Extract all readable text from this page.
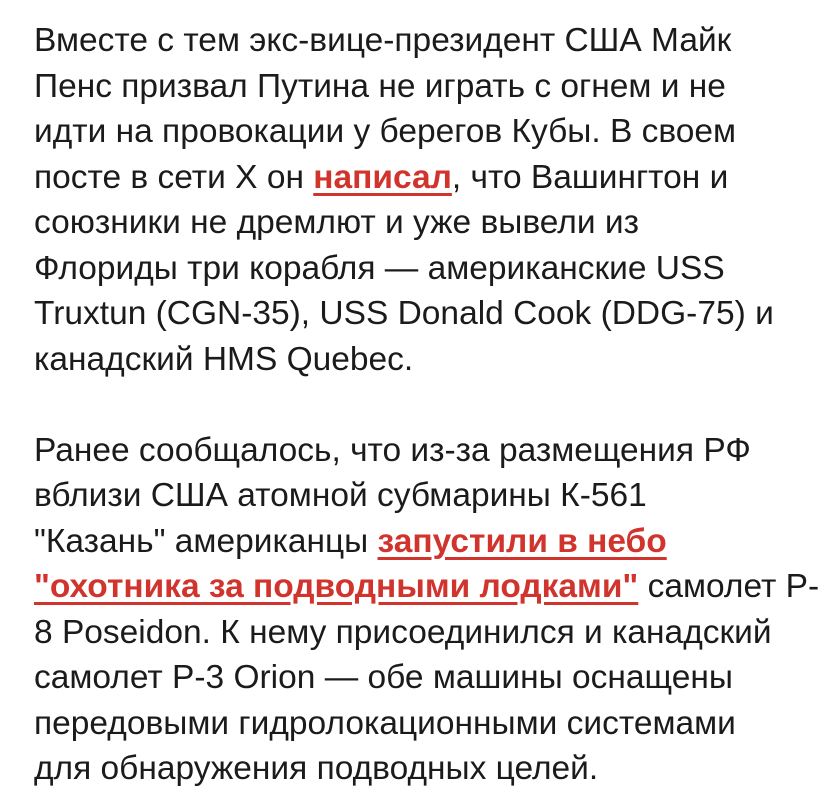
Вместе с тем экс-вице-президент США Майк
Пенс призвал Путина не играть с огнем и не
идти на провокации у берегов Кубы. В своем
посте в сети X он написал, что Вашингтон и
союзники не дремлют и уже вывели из
Флориды три корабля — американские USS
Truxtun (CGN-35), USS Donald Cook (DDG-75) и
канадский HMS Quebec.

Ранее сообщалось, что из-за размещения РФ
вблизи США атомной субмарины К-561
"Казань" американцы запустили в небо
"охотника за подводными лодками" самолет P-
8 Poseidon. К нему присоединился и канадский
самолет P-3 Orion — обе машины оснащены
передовыми гидролокационными системами
для обнаружения подводных целей.
